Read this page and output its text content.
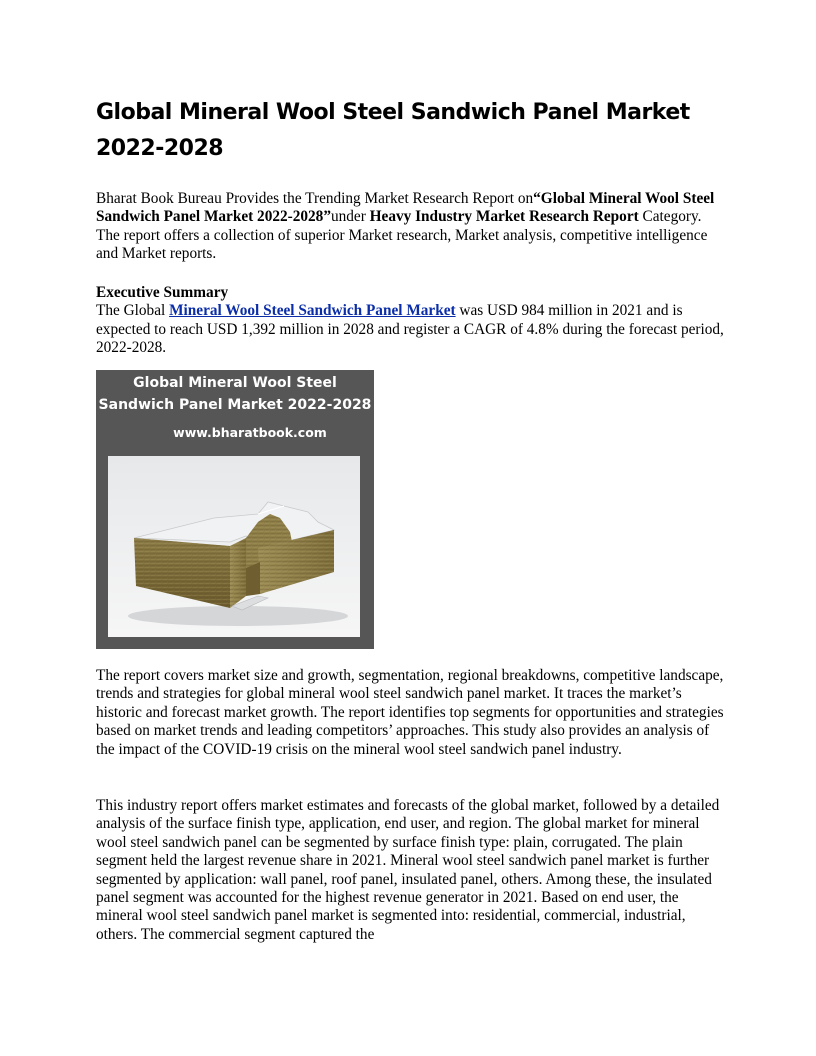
Global Mineral Wool Steel Sandwich Panel Market 2022-2028

Bharat Book Bureau Provides the Trending Market Research Report on“Global Mineral Wool Steel Sandwich Panel Market 2022-2028”under Heavy Industry Market Research Report Category. The report offers a collection of superior Market research, Market analysis, competitive intelligence and Market reports.

Executive Summary
The Global Mineral Wool Steel Sandwich Panel Market was USD 984 million in 2021 and is expected to reach USD 1,392 million in 2028 and register a CAGR of 4.8% during the forecast period, 2022-2028.

Global Mineral Wool Steel Sandwich Panel Market 2022-2028
www.bharatbook.com

The report covers market size and growth, segmentation, regional breakdowns, competitive landscape, trends and strategies for global mineral wool steel sandwich panel market. It traces the market’s historic and forecast market growth. The report identifies top segments for opportunities and strategies based on market trends and leading competitors’ approaches. This study also provides an analysis of the impact of the COVID-19 crisis on the mineral wool steel sandwich panel industry.

This industry report offers market estimates and forecasts of the global market, followed by a detailed analysis of the surface finish type, application, end user, and region. The global market for mineral wool steel sandwich panel can be segmented by surface finish type: plain, corrugated. The plain segment held the largest revenue share in 2021. Mineral wool steel sandwich panel market is further segmented by application: wall panel, roof panel, insulated panel, others. Among these, the insulated panel segment was accounted for the highest revenue generator in 2021. Based on end user, the mineral wool steel sandwich panel market is segmented into: residential, commercial, industrial, others. The commercial segment captured the
